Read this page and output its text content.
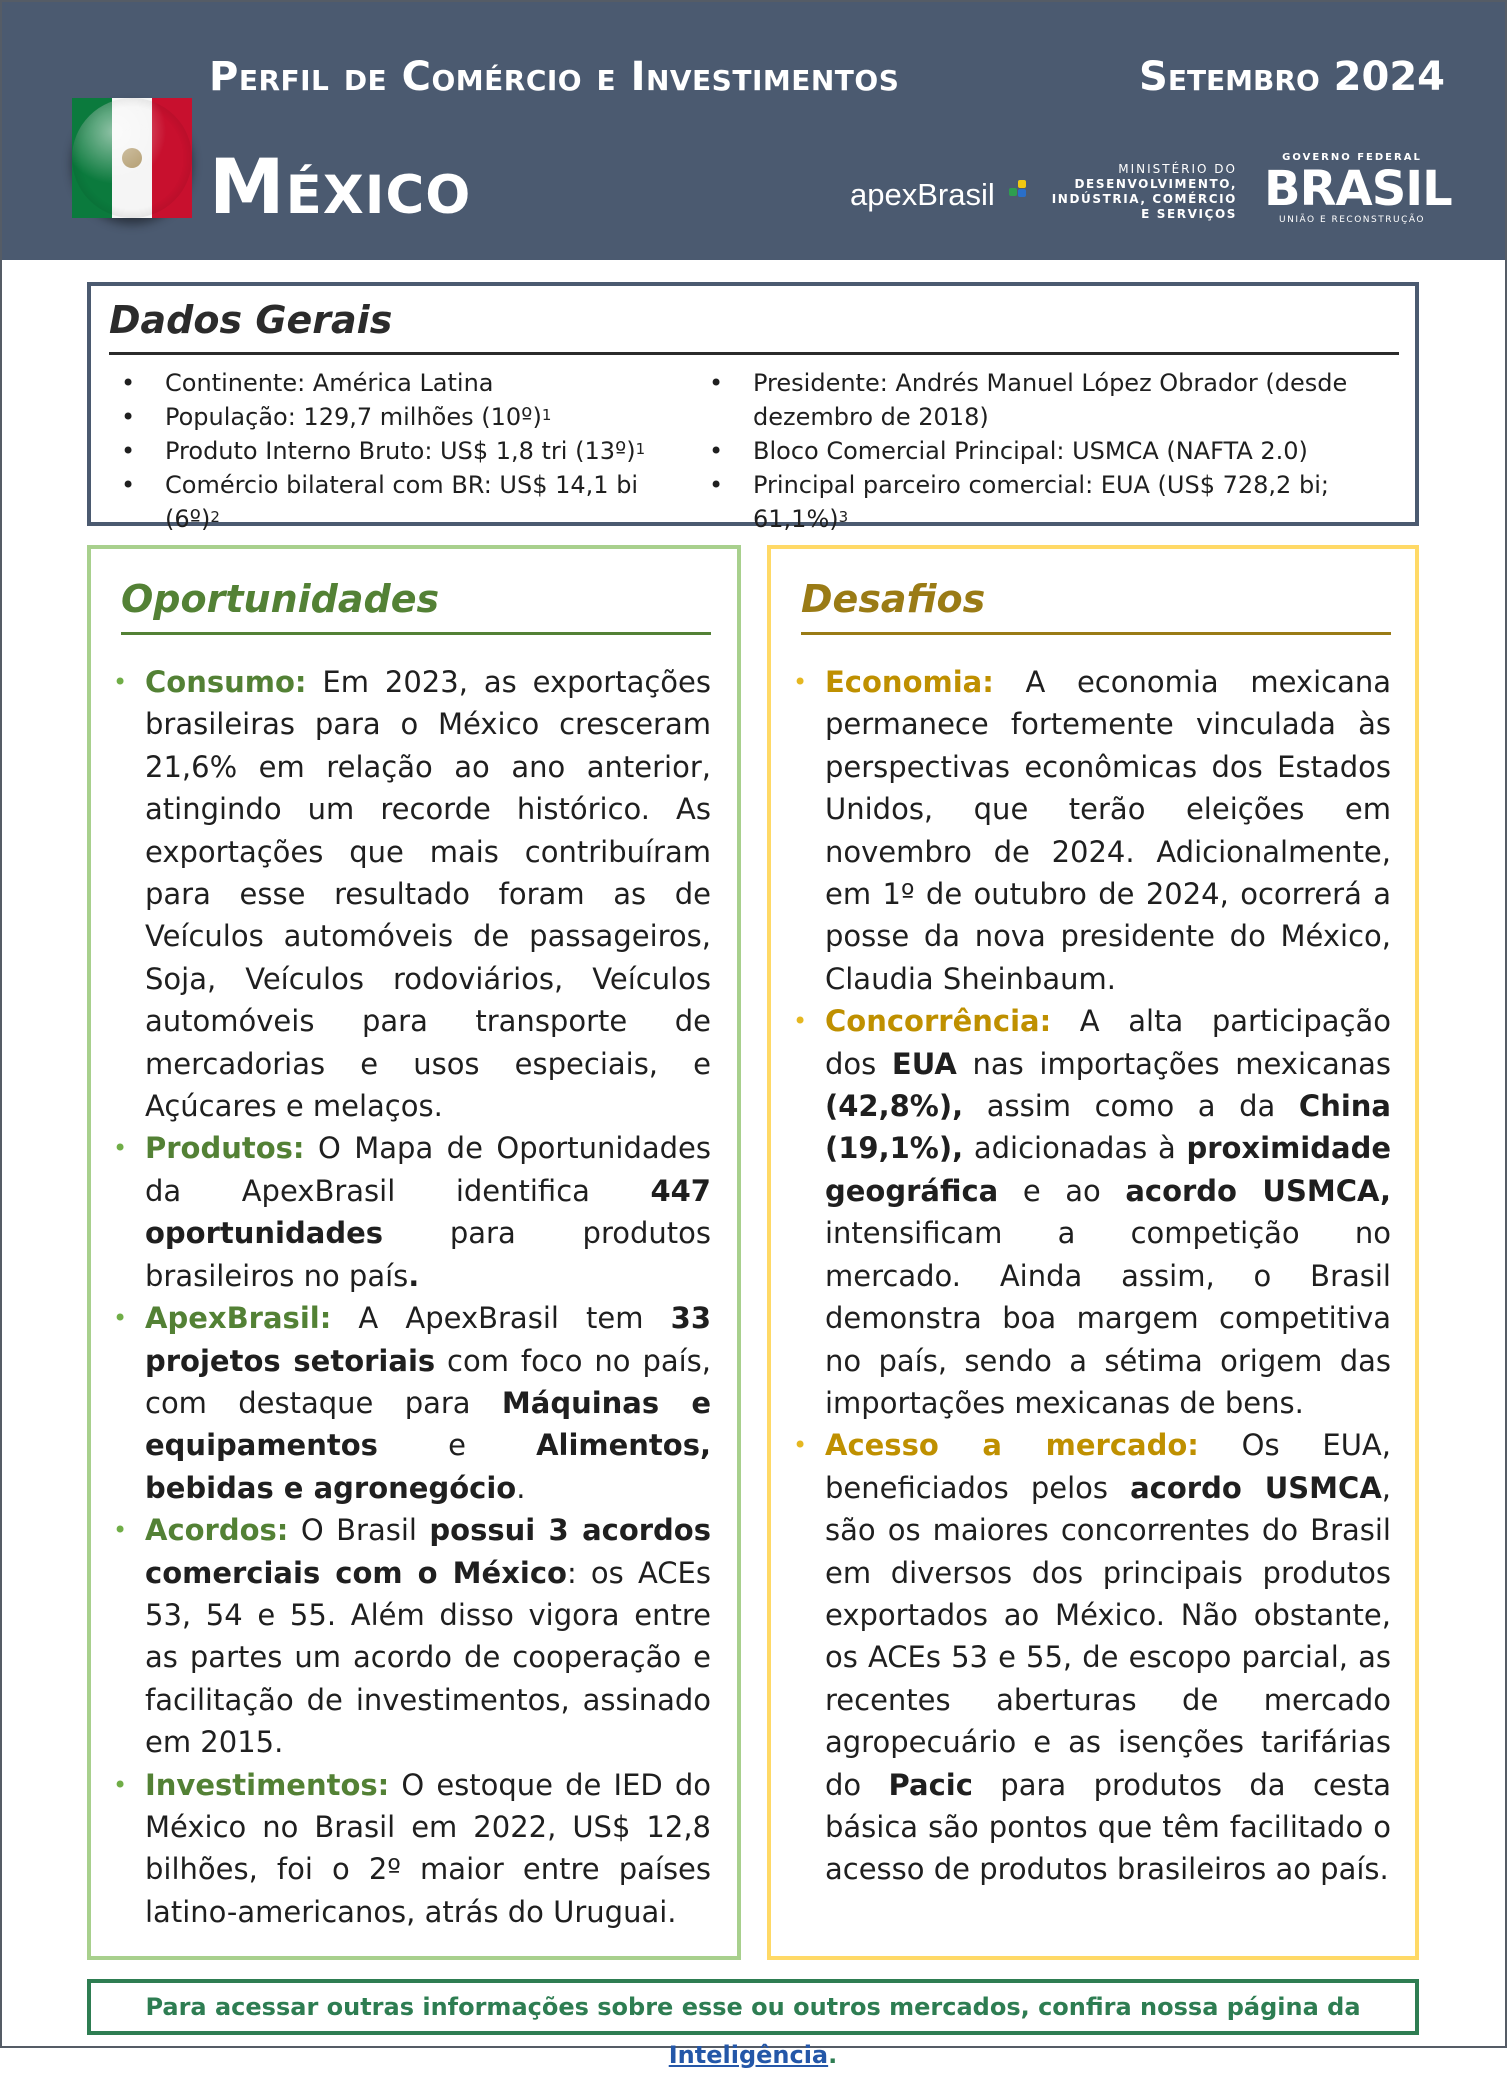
Perfil de Comércio e Investimentos	Setembro 2024
México	apexBrasil
MINISTÉRIO DO
DESENVOLVIMENTO,
INDÚSTRIA, COMÉRCIO
E SERVIÇOS
GOVERNO FEDERAL
BRASIL
UNIÃO E RECONSTRUÇÃO
Dados Gerais
• Continente: América Latina
• População: 129,7 milhões (10º)$^1$
• Produto Interno Bruto: US$ 1,8 tri (13º)$^1$
• Comércio bilateral com BR: US$ 14,1 bi (6º)$^2$
• Presidente: Andrés Manuel López Obrador (desde dezembro de 2018)
• Bloco Comercial Principal: USMCA (NAFTA 2.0)
• Principal parceiro comercial: EUA (US$ 728,2 bi; 61,1%)$^3$
Oportunidades

• Consumo: Em 2023, as exportações brasileiras para o México cresceram 21,6% em relação ao ano anterior, atingindo um recorde histórico. As exportações que mais contribuíram para esse resultado foram as de Veículos automóveis de passageiros, Soja, Veículos rodoviários, Veículos automóveis para transporte de mercadorias e usos especiais, e Açúcares e melaços.

• Produtos: O Mapa de Oportunidades da ApexBrasil identifica 447 oportunidades para produtos brasileiros no país.

• ApexBrasil: A ApexBrasil tem 33 projetos setoriais com foco no país, com destaque para Máquinas e equipamentos e Alimentos, bebidas e agronegócio.

• Acordos: O Brasil possui 3 acordos comerciais com o México: os ACEs 53, 54 e 55. Além disso vigora entre as partes um acordo de cooperação e facilitação de investimentos, assinado em 2015.

• Investimentos: O estoque de IED do México no Brasil em 2022, US$ 12,8 bilhões, foi o 2º maior entre países latino-americanos, atrás do Uruguai.

Desafios

• Economia: A economia mexicana permanece fortemente vinculada às perspectivas econômicas dos Estados Unidos, que terão eleições em novembro de 2024. Adicionalmente, em 1º de outubro de 2024, ocorrerá a posse da nova presidente do México, Claudia Sheinbaum.

• Concorrência: A alta participação dos EUA nas importações mexicanas (42,8%), assim como a da China (19,1%), adicionadas à proximidade geográfica e ao acordo USMCA, intensificam a competição no mercado. Ainda assim, o Brasil demonstra boa margem competitiva no país, sendo a sétima origem das importações mexicanas de bens.

• Acesso a mercado: Os EUA, beneficiados pelos acordo USMCA, são os maiores concorrentes do Brasil em diversos dos principais produtos exportados ao México. Não obstante, os ACEs 53 e 55, de escopo parcial, as recentes aberturas de mercado agropecuário e as isenções tarifárias do Pacic para produtos da cesta básica são pontos que têm facilitado o acesso de produtos brasileiros ao país.

Para acessar outras informações sobre esse ou outros mercados, confira nossa página da Inteligência.
